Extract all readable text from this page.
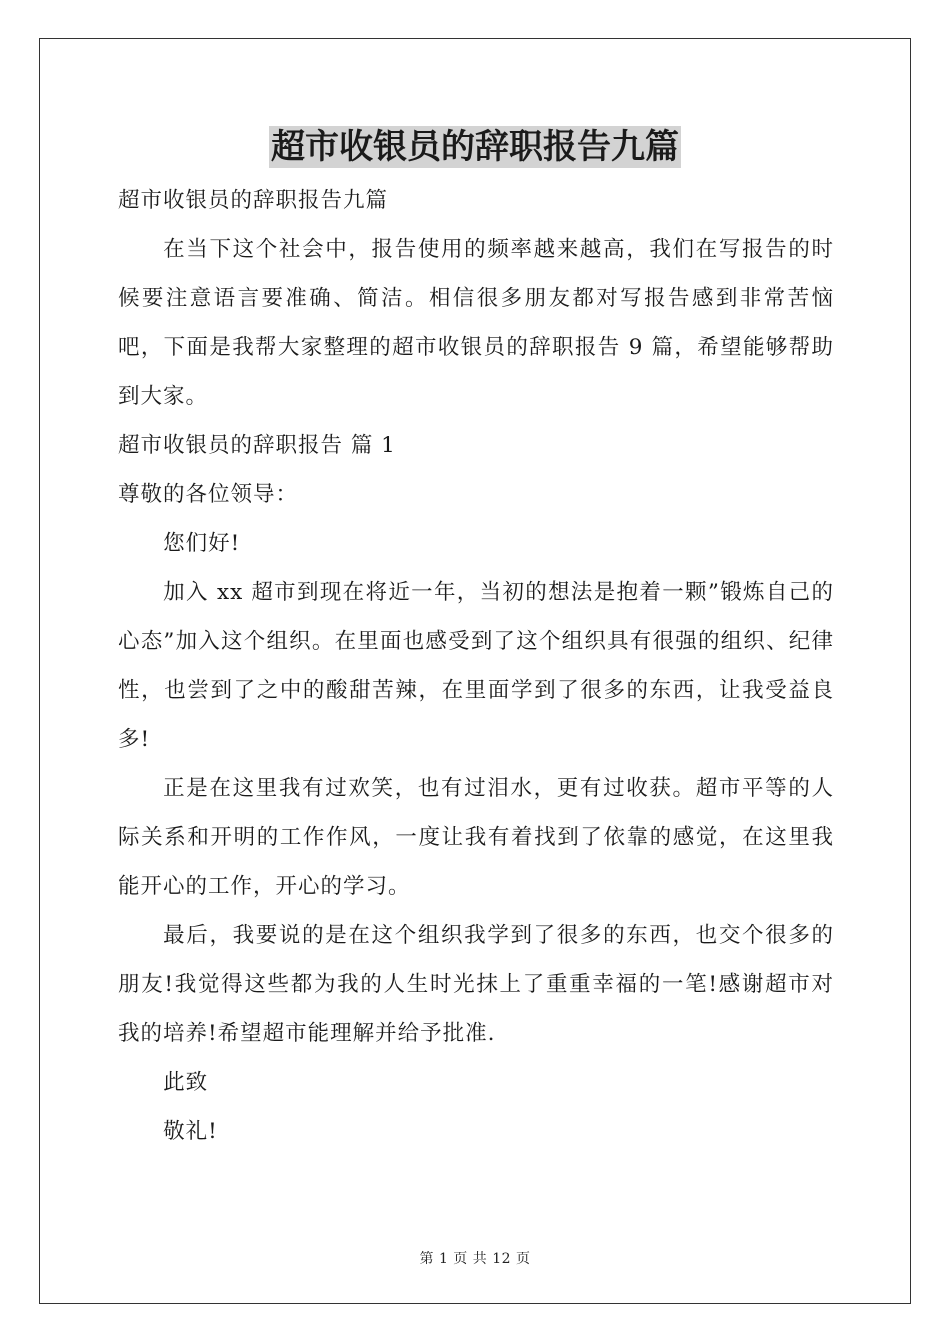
超市收银员的辞职报告九篇

超市收银员的辞职报告九篇

在当下这个社会中，报告使用的频率越来越高，我们在写报告的时候要注意语言要准确、简洁。相信很多朋友都对写报告感到非常苦恼吧，下面是我帮大家整理的超市收银员的辞职报告 9 篇，希望能够帮助到大家。

超市收银员的辞职报告 篇 1

尊敬的各位领导：

您们好!

加入 xx 超市到现在将近一年，当初的想法是抱着一颗”锻炼自己的心态”加入这个组织。在里面也感受到了这个组织具有很强的组织、纪律性，也尝到了之中的酸甜苦辣，在里面学到了很多的东西，让我受益良多!

正是在这里我有过欢笑，也有过泪水，更有过收获。超市平等的人际关系和开明的工作作风，一度让我有着找到了依靠的感觉，在这里我能开心的工作，开心的学习。

最后，我要说的是在这个组织我学到了很多的东西，也交个很多的朋友!我觉得这些都为我的人生时光抹上了重重幸福的一笔!感谢超市对我的培养!希望超市能理解并给予批准.

此致

敬礼!

第 1 页 共 12 页
